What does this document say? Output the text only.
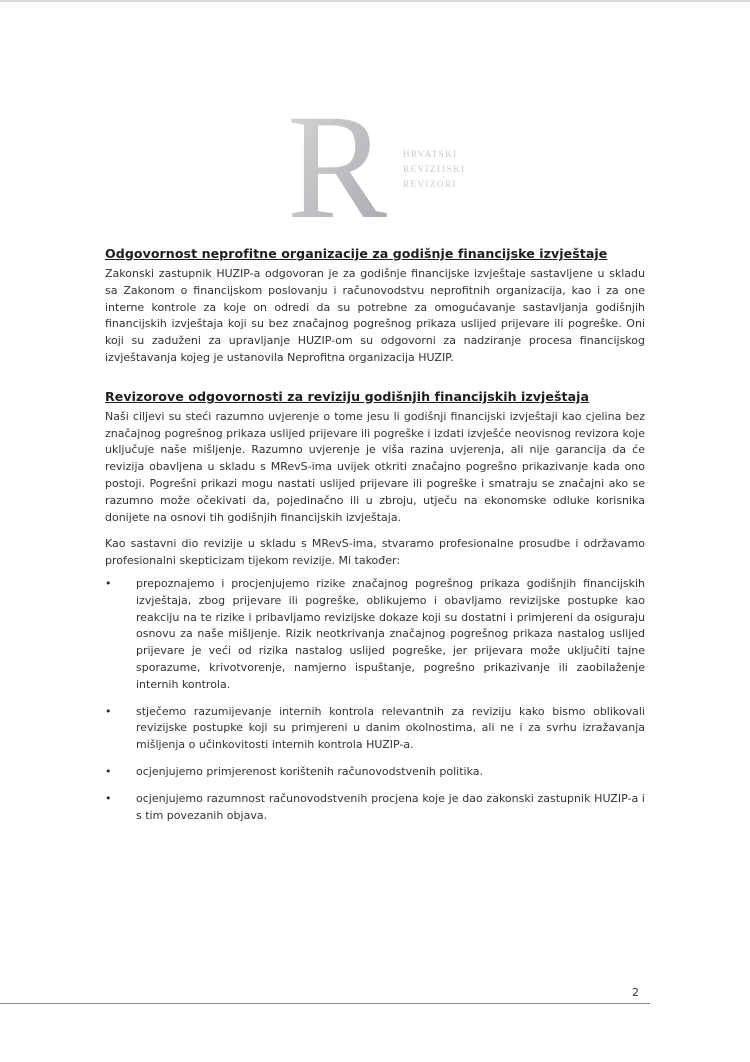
R HRVATSKI
REVIZIJSKI
REVIZORI
Odgovornost neprofitne organizacije za godišnje financijske izvještaje

Zakonski zastupnik HUZIP-a odgovoran je za godišnje financijske izvještaje sastavljene u skladu sa Zakonom o financijskom poslovanju i računovodstvu neprofitnih organizacija, kao i za one interne kontrole za koje on odredi da su potrebne za omogućavanje sastavljanja godišnjih financijskih izvještaja koji su bez značajnog pogrešnog prikaza uslijed prijevare ili pogreške. Oni koji su zaduženi za upravljanje HUZIP-om su odgovorni za nadziranje procesa financijskog izvještavanja kojeg je ustanovila Neprofitna organizacija HUZIP.

Revizorove odgovornosti za reviziju godišnjih financijskih izvještaja

Naši ciljevi su steći razumno uvjerenje o tome jesu li godišnji financijski izvještaji kao cjelina bez značajnog pogrešnog prikaza uslijed prijevare ili pogreške i izdati izvješće neovisnog revizora koje uključuje naše mišljenje. Razumno uvjerenje je viša razina uvjerenja, ali nije garancija da će revizija obavljena u skladu s MRevS-ima uvijek otkriti značajno pogrešno prikazivanje kada ono postoji. Pogrešni prikazi mogu nastati uslijed prijevare ili pogreške i smatraju se značajni ako se razumno može očekivati da, pojedinačno ili u zbroju, utječu na ekonomske odluke korisnika donijete na osnovi tih godišnjih financijskih izvještaja.

Kao sastavni dio revizije u skladu s MRevS-ima, stvaramo profesionalne prosudbe i održavamo profesionalni skepticizam tijekom revizije. Mi također:

• prepoznajemo i procjenjujemo rizike značajnog pogrešnog prikaza godišnjih financijskih izvještaja, zbog prijevare ili pogreške, oblikujemo i obavljamo revizijske postupke kao reakciju na te rizike i pribavljamo revizijske dokaze koji su dostatni i primjereni da osiguraju osnovu za naše mišljenje. Rizik neotkrivanja značajnog pogrešnog prikaza nastalog uslijed prijevare je veći od rizika nastalog uslijed pogreške, jer prijevara može uključiti tajne sporazume, krivotvorenje, namjerno ispuštanje, pogrešno prikazivanje ili zaobilaženje internih kontrola.

• stječemo razumijevanje internih kontrola relevantnih za reviziju kako bismo oblikovali revizijske postupke koji su primjereni u danim okolnostima, ali ne i za svrhu izražavanja mišljenja o učinkovitosti internih kontrola HUZIP-a.

• ocjenjujemo primjerenost korištenih računovodstvenih politika.

• ocjenjujemo razumnost računovodstvenih procjena koje je dao zakonski zastupnik HUZIP-a i s tim povezanih objava.

2
